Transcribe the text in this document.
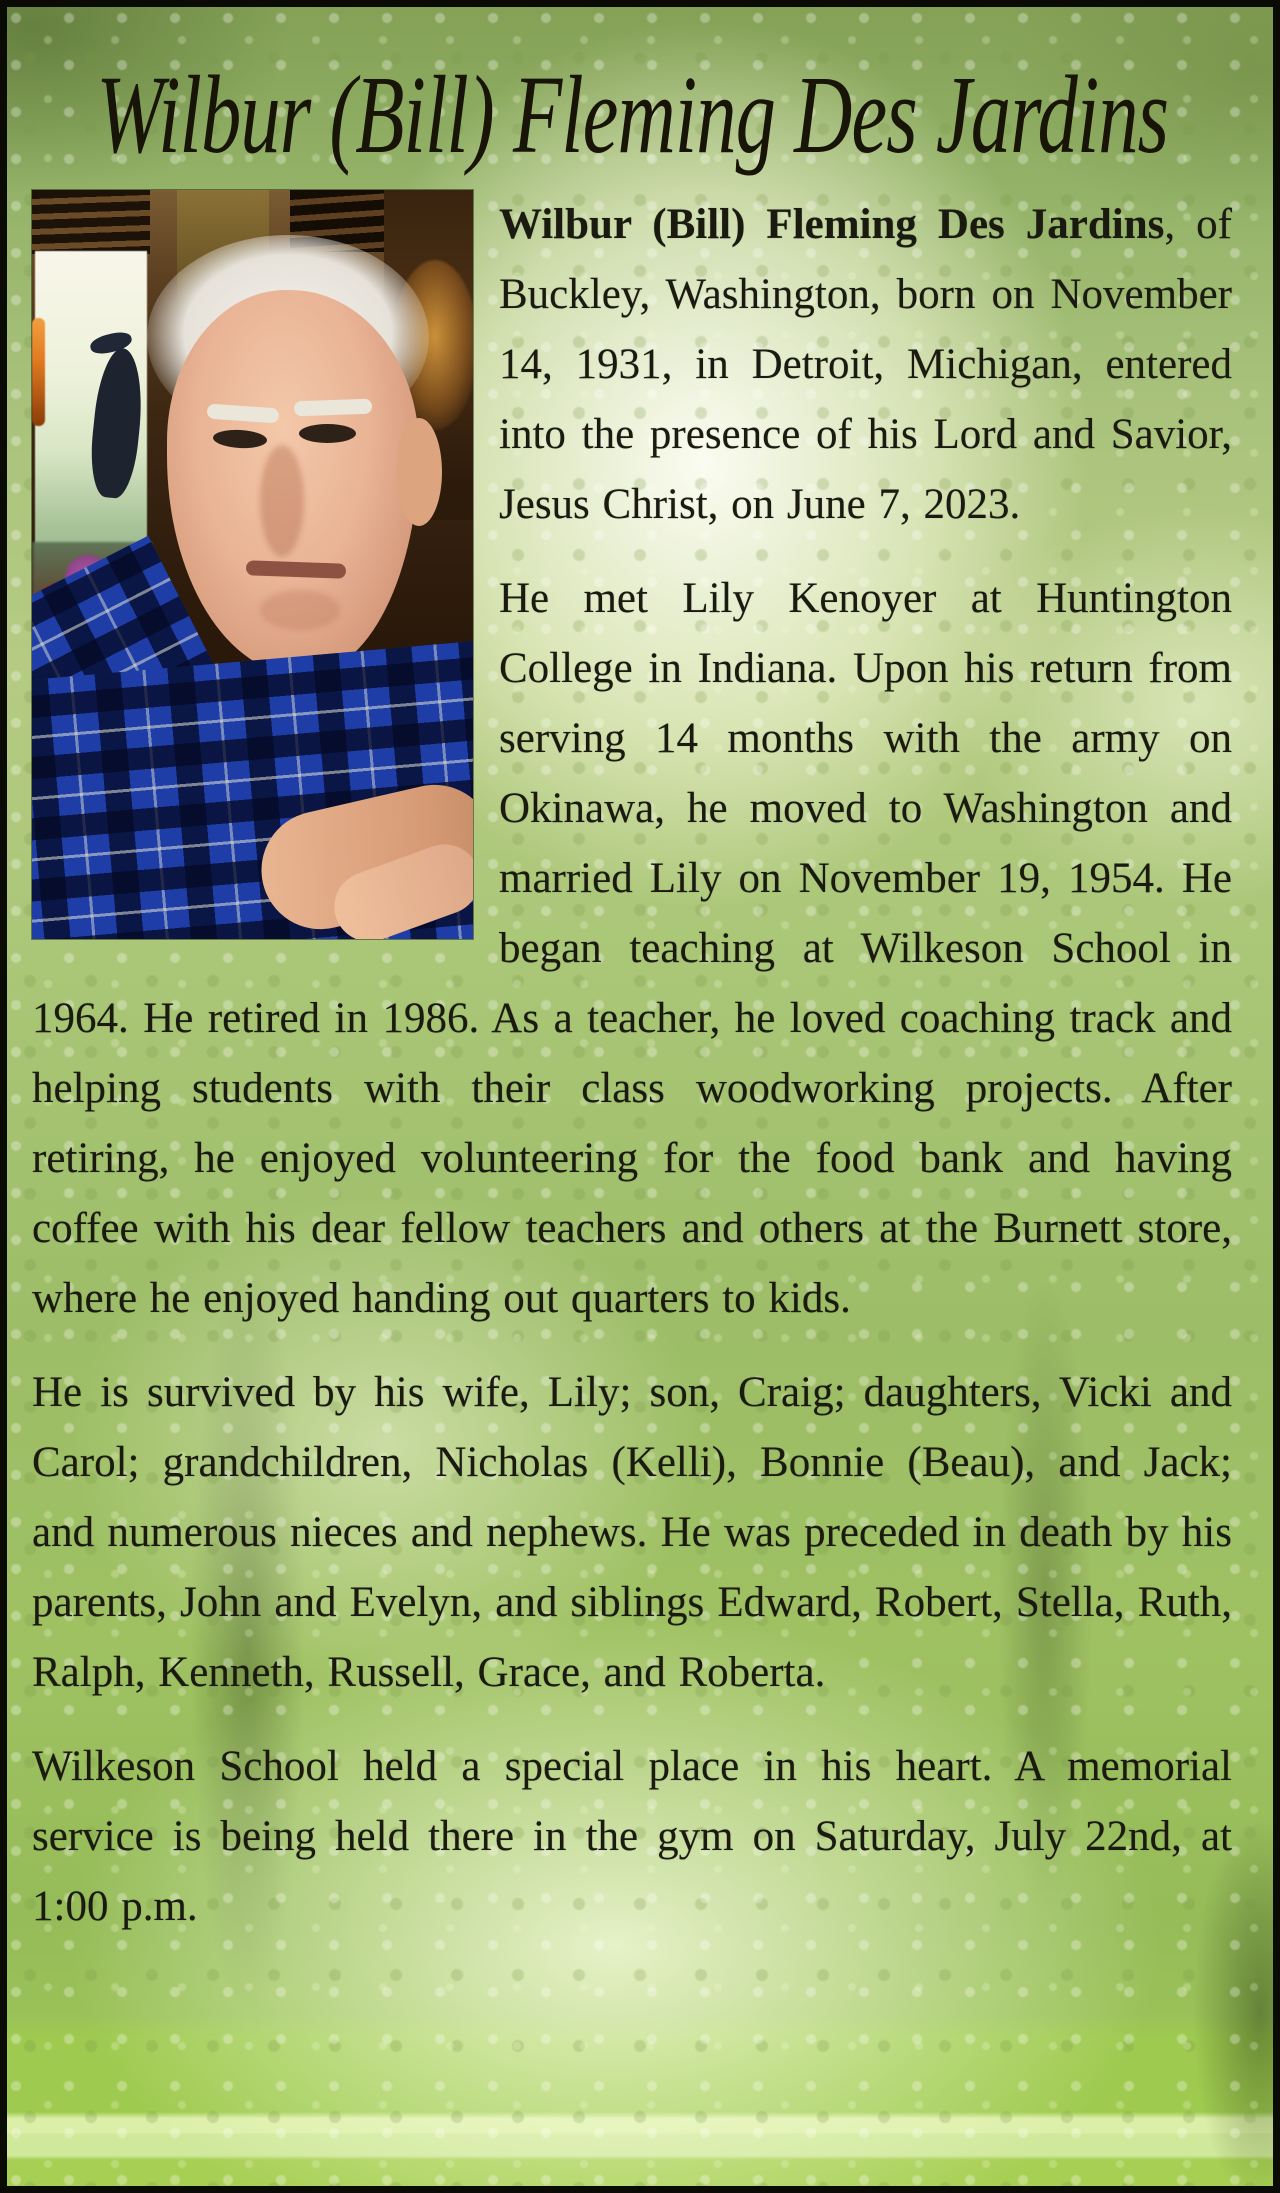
Wilbur (Bill) Fleming Des Jardins

Wilbur (Bill) Fleming Des Jardins, of Buckley, Washington, born on November 14, 1931, in Detroit, Michigan, entered into the presence of his Lord and Savior, Jesus Christ, on June 7, 2023.

He met Lily Kenoyer at Huntington College in Indiana. Upon his return from serving 14 months with the army on Okinawa, he moved to Washington and married Lily on November 19, 1954. He began teaching at Wilkeson School in 1964. He retired in 1986. As a teacher, he loved coaching track and helping students with their class woodworking projects. After retiring, he enjoyed volunteering for the food bank and having coffee with his dear fellow teachers and others at the Burnett store, where he enjoyed handing out quarters to kids.

He is survived by his wife, Lily; son, Craig; daughters, Vicki and Carol; grandchildren, Nicholas (Kelli), Bonnie (Beau), and Jack; and numerous nieces and nephews. He was preceded in death by his parents, John and Evelyn, and siblings Edward, Robert, Stella, Ruth, Ralph, Kenneth, Russell, Grace, and Roberta.

Wilkeson School held a special place in his heart. A memorial service is being held there in the gym on Saturday, July 22nd, at 1:00 p.m.
